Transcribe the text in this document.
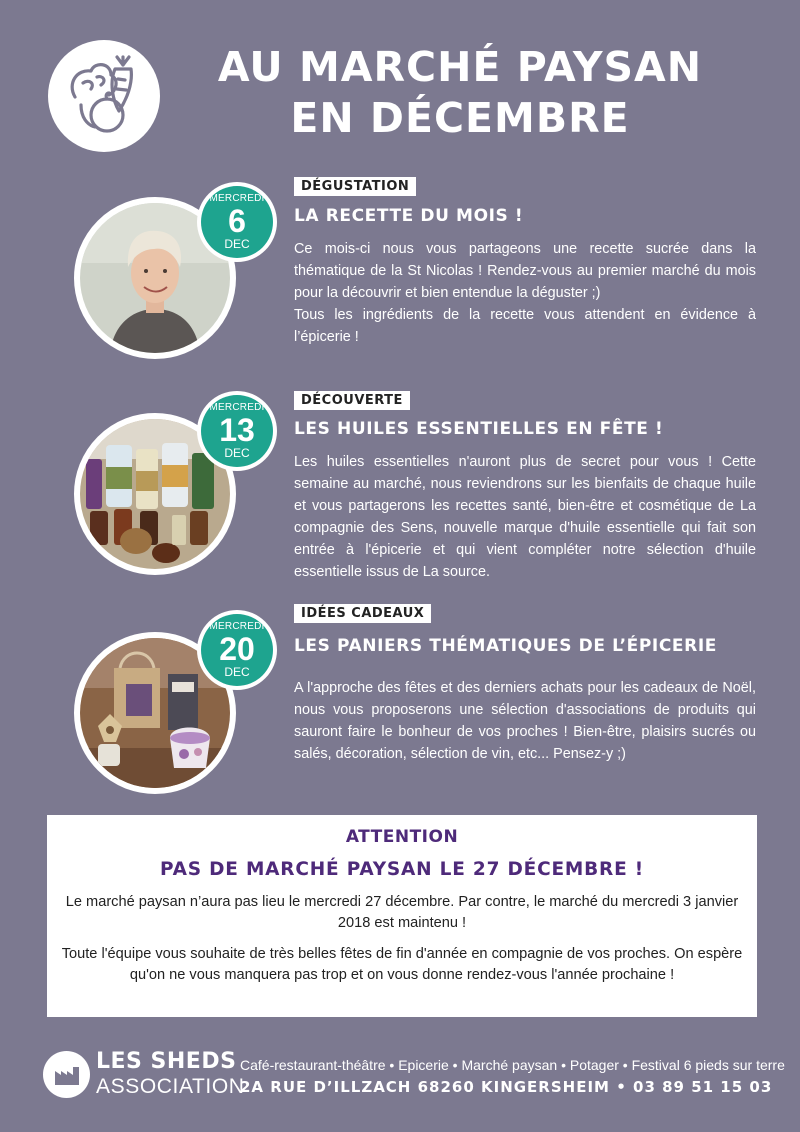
AU MARCHÉ PAYSAN
EN DÉCEMBRE
MERCREDI
6
DEC
DÉGUSTATION
LA RECETTE DU MOIS !

Ce mois-ci nous vous partageons une recette sucrée dans la thématique de la St Nicolas ! Rendez-vous au premier marché du mois pour la découvrir et bien entendue la déguster ;)

Tous les ingrédients de la recette vous attendent en évidence à l’épicerie !

MERCREDI
13
DEC
DÉCOUVERTE
LES HUILES ESSENTIELLES EN FÊTE !

Les huiles essentielles n'auront plus de secret pour vous ! Cette semaine au marché, nous reviendrons sur les bienfaits de chaque huile et vous partagerons les recettes santé, bien-être et cosmétique de La compagnie des Sens, nouvelle marque d'huile essentielle qui fait son entrée à l'épicerie et qui vient compléter notre sélection d'huile essentielle issus de La source.

MERCREDI
20
DEC
IDÉES CADEAUX
LES PANIERS THÉMATIQUES DE L’ÉPICERIE

A l'approche des fêtes et des derniers achats pour les cadeaux de Noël, nous vous proposerons une sélection d'associations de produits qui sauront faire le bonheur de vos proches ! Bien-être, plaisirs sucrés ou salés, décoration, sélection de vin, etc... Pensez-y ;)

ATTENTION
PAS DE MARCHÉ PAYSAN LE 27 DÉCEMBRE !

Le marché paysan n’aura pas lieu le mercredi 27 décembre. Par contre, le marché du mercredi 3 janvier 2018 est maintenu !

Toute l'équipe vous souhaite de très belles fêtes de fin d'année en compagnie de vos proches. On espère qu'on ne vous manquera pas trop et on vous donne rendez-vous l'année prochaine !

LES SHEDS
ASSOCIATION
Café-restaurant-théâtre • Epicerie • Marché paysan • Potager • Festival 6 pieds sur terre
2A RUE D’ILLZACH 68260 KINGERSHEIM • 03 89 51 15 03
